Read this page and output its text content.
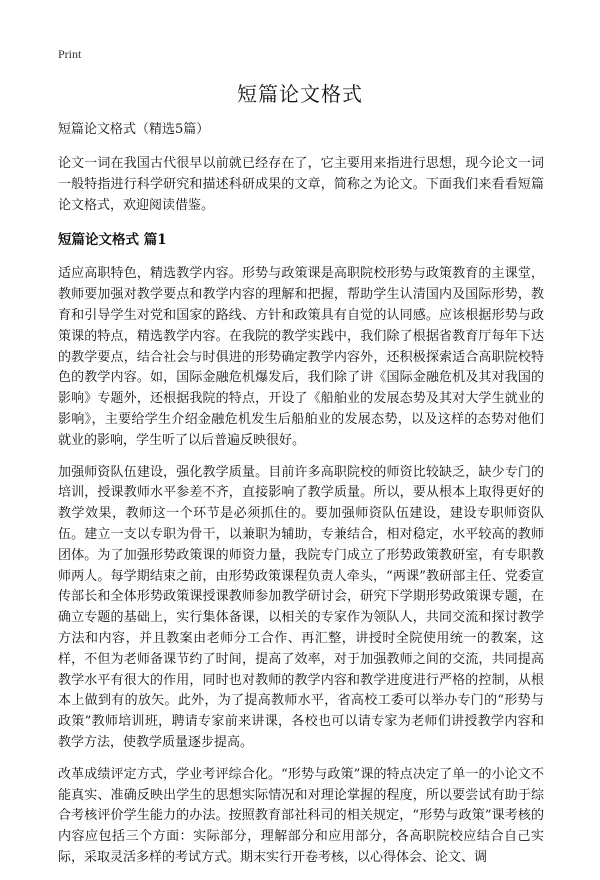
Print
短篇论文格式

短篇论文格式（精选5篇）

论文一词在我国古代很早以前就已经存在了，它主要用来指进行思想，现今论文一词一般特指进行科学研究和描述科研成果的文章，简称之为论文。下面我们来看看短篇论文格式，欢迎阅读借鉴。

短篇论文格式 篇1

适应高职特色，精选教学内容。形势与政策课是高职院校形势与政策教育的主课堂，教师要加强对教学要点和教学内容的理解和把握，帮助学生认清国内及国际形势，教育和引导学生对党和国家的路线、方针和政策具有自觉的认同感。应该根据形势与政策课的特点，精选教学内容。在我院的教学实践中，我们除了根据省教育厅每年下达的教学要点，结合社会与时俱进的形势确定教学内容外，还积极探索适合高职院校特色的教学内容。如，国际金融危机爆发后，我们除了讲《国际金融危机及其对我国的影响》专题外，还根据我院的特点，开设了《船舶业的发展态势及其对大学生就业的影响》，主要给学生介绍金融危机发生后船舶业的发展态势，以及这样的态势对他们就业的影响，学生听了以后普遍反映很好。

加强师资队伍建设，强化教学质量。目前许多高职院校的师资比较缺乏，缺少专门的培训，授课教师水平参差不齐，直接影响了教学质量。所以，要从根本上取得更好的教学效果，教师这一个环节是必须抓住的。要加强师资队伍建设，建设专职师资队伍。建立一支以专职为骨干，以兼职为辅助，专兼结合，相对稳定，水平较高的教师团体。为了加强形势政策课的师资力量，我院专门成立了形势政策教研室，有专职教师两人。每学期结束之前，由形势政策课程负责人牵头，“两课”教研部主任、党委宣传部长和全体形势政策课授课教师参加教学研讨会，研究下学期形势政策课专题，在确立专题的基础上，实行集体备课，以相关的专家作为领队人，共同交流和探讨教学方法和内容，并且教案由老师分工合作、再汇整，讲授时全院使用统一的教案，这样，不但为老师备课节约了时间，提高了效率，对于加强教师之间的交流，共同提高教学水平有很大的作用，同时也对教师的教学内容和教学进度进行严格的控制，从根本上做到有的放矢。此外，为了提高教师水平，省高校工委可以举办专门的“形势与政策”教师培训班，聘请专家前来讲课，各校也可以请专家为老师们讲授教学内容和教学方法，使教学质量逐步提高。

改革成绩评定方式，学业考评综合化。“形势与政策”课的特点决定了单一的小论文不能真实、准确反映出学生的思想实际情况和对理论掌握的程度，所以要尝试有助于综合考核评价学生能力的办法。按照教育部社科司的相关规定，“形势与政策”课考核的内容应包括三个方面：实际部分，理解部分和应用部分，各高职院校应结合自己实际，采取灵活多样的考试方式。期末实行开卷考核，以心得体会、论文、调
